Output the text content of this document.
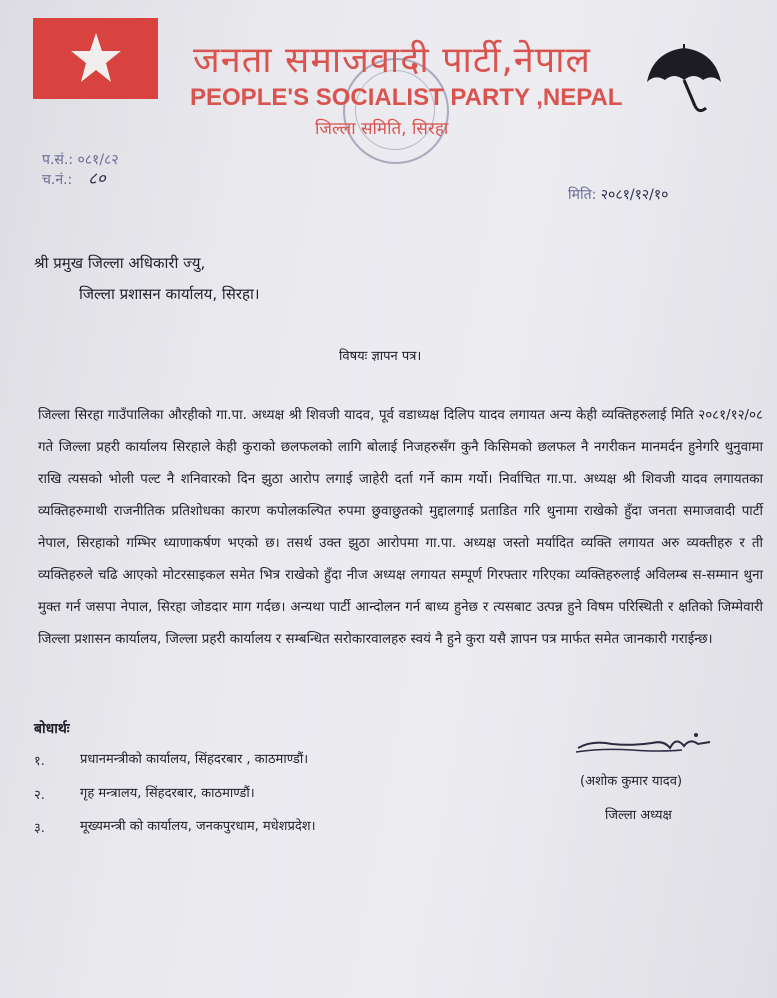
जनता समाजवादी पार्टी,नेपाल
PEOPLE'S SOCIALIST PARTY ,NEPAL
जिल्ला समिति, सिरहा
प.सं.: ०८१/८२
च.नं.: ८०
मिति: २०८१/१२/१०
श्री प्रमुख जिल्ला अधिकारी ज्यु,
जिल्ला प्रशासन कार्यालय, सिरहा।
विषयः ज्ञापन पत्र।
जिल्ला सिरहा गाउँपालिका औरहीको गा.पा. अध्यक्ष श्री शिवजी यादव, पूर्व वडाध्यक्ष दिलिप यादव लगायत अन्य केही व्यक्तिहरुलाई मिति २०८१/१२/०८ गते जिल्ला प्रहरी कार्यालय सिरहाले केही कुराको छलफलको लागि बोलाई निजहरुसँग कुनै किसिमको छलफल नै नगरीकन मानमर्दन हुनेगरि थुनुवामा राखि त्यसको भोली पल्ट नै शनिवारको दिन झुठा आरोप लगाई जाहेरी दर्ता गर्ने काम गर्यो। निर्वाचित गा.पा. अध्यक्ष श्री शिवजी यादव लगायतका व्यक्तिहरुमाथी राजनीतिक प्रतिशोधका कारण कपोलकल्पित रुपमा छुवाछुतको मुद्दालगाई प्रताडित गरि थुनामा राखेको हुँदा जनता समाजवादी पार्टी नेपाल, सिरहाको गम्भिर ध्याणाकर्षण भएको छ। तसर्थ उक्त झुठा आरोपमा गा.पा. अध्यक्ष जस्तो मर्यादित व्यक्ति लगायत अरु व्यक्तीहरु र ती व्यक्तिहरुले चढि आएको मोटरसाइकल समेत भित्र राखेको हुँदा नीज अध्यक्ष लगायत सम्पूर्ण गिरफ्तार गरिएका व्यक्तिहरुलाई अविलम्ब स-सम्मान थुना मुक्त गर्न जसपा नेपाल, सिरहा जोडदार माग गर्दछ। अन्यथा पार्टी आन्दोलन गर्न बाध्य हुनेछ र त्यसबाट उत्पन्न हुने विषम परिस्थिती र क्षतिको जिम्मेवारी जिल्ला प्रशासन कार्यालय, जिल्ला प्रहरी कार्यालय र सम्बन्धित सरोकारवालहरु स्वयं नै हुने कुरा यसै ज्ञापन पत्र मार्फत समेत जानकारी गराईन्छ।
बोधार्थः
१.	प्रधानमन्त्रीको कार्यालय, सिंहदरबार , काठमाण्डौं।
२.	गृह मन्त्रालय, सिंहदरबार, काठमाण्डौं।
३.	मूख्यमन्त्री को कार्यालय, जनकपुरधाम, मधेशप्रदेश।
(अशोक कुमार यादव)
जिल्ला अध्यक्ष
